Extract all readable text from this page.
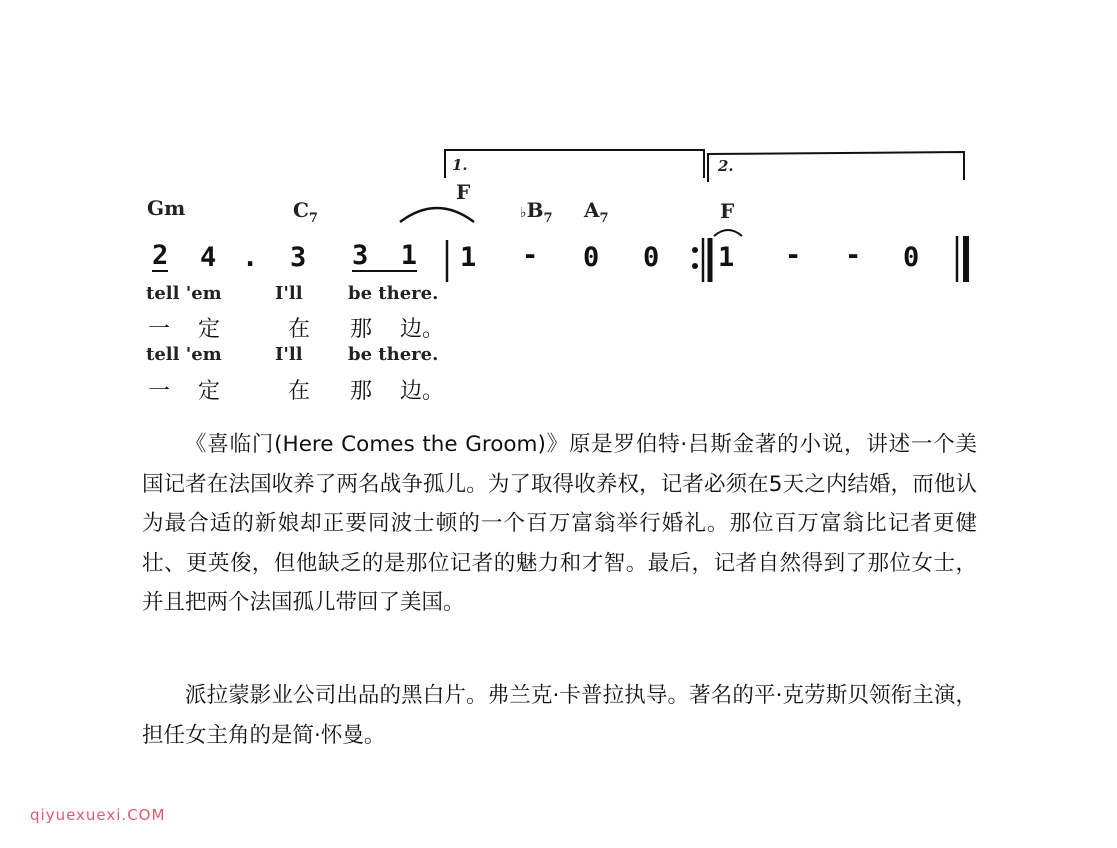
1.	2.
Gm	$C_7$
F
$♭B_7$ $A_7$	F
2 4 . 3 3 1 1 - 0 0 1 - - 0
tell 'em	I'll	be there.
一 定	在 那 边。
tell 'em	I'll	be there.
一 定	在 那 边。

《喜临门(Here Comes the Groom)》原是罗伯特·吕斯金著的小说，讲述一个美国记者在法国收养了两名战争孤儿。为了取得收养权，记者必须在5天之内结婚，而他认为最合适的新娘却正要同波士顿的一个百万富翁举行婚礼。那位百万富翁比记者更健壮、更英俊，但他缺乏的是那位记者的魅力和才智。最后，记者自然得到了那位女士，并且把两个法国孤儿带回了美国。

派拉蒙影业公司出品的黑白片。弗兰克·卡普拉执导。著名的平·克劳斯贝领衔主演，担任女主角的是简·怀曼。

qiyuexuexi.COM
